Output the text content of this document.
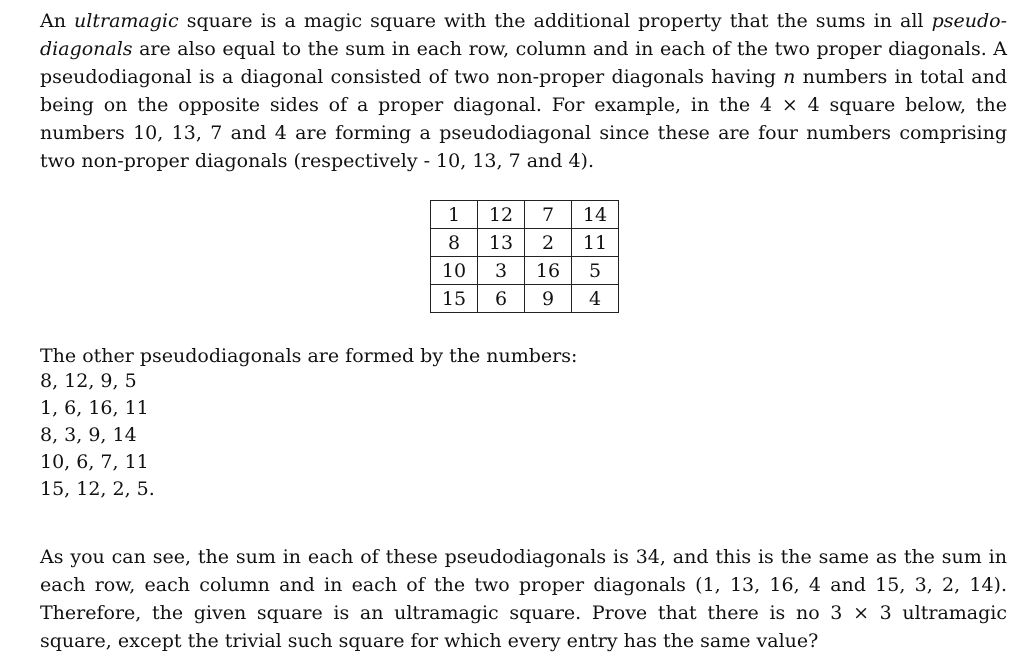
An ultramagic square is a magic square with the additional property that the sums in all pseudo-diagonals are also equal to the sum in each row, column and in each of the two proper diagonals. A pseudodiagonal is a diagonal consisted of two non-proper diagonals having n numbers in total and being on the opposite sides of a proper diagonal. For example, in the 4 × 4 square below, the numbers 10, 13, 7 and 4 are forming a pseudodiagonal since these are four numbers comprising two non-proper diagonals (respectively - 10, 13, 7 and 4).

1	12	7	14
8	13	2	11
10	3	16	5
15	6	9	4

The other pseudodiagonals are formed by the numbers:

8, 12, 9, 5
1, 6, 16, 11
8, 3, 9, 14
10, 6, 7, 11
15, 12, 2, 5.

As you can see, the sum in each of these pseudodiagonals is 34, and this is the same as the sum in each row, each column and in each of the two proper diagonals (1, 13, 16, 4 and 15, 3, 2, 14). Therefore, the given square is an ultramagic square. Prove that there is no 3 × 3 ultramagic square, except the trivial such square for which every entry has the same value?
